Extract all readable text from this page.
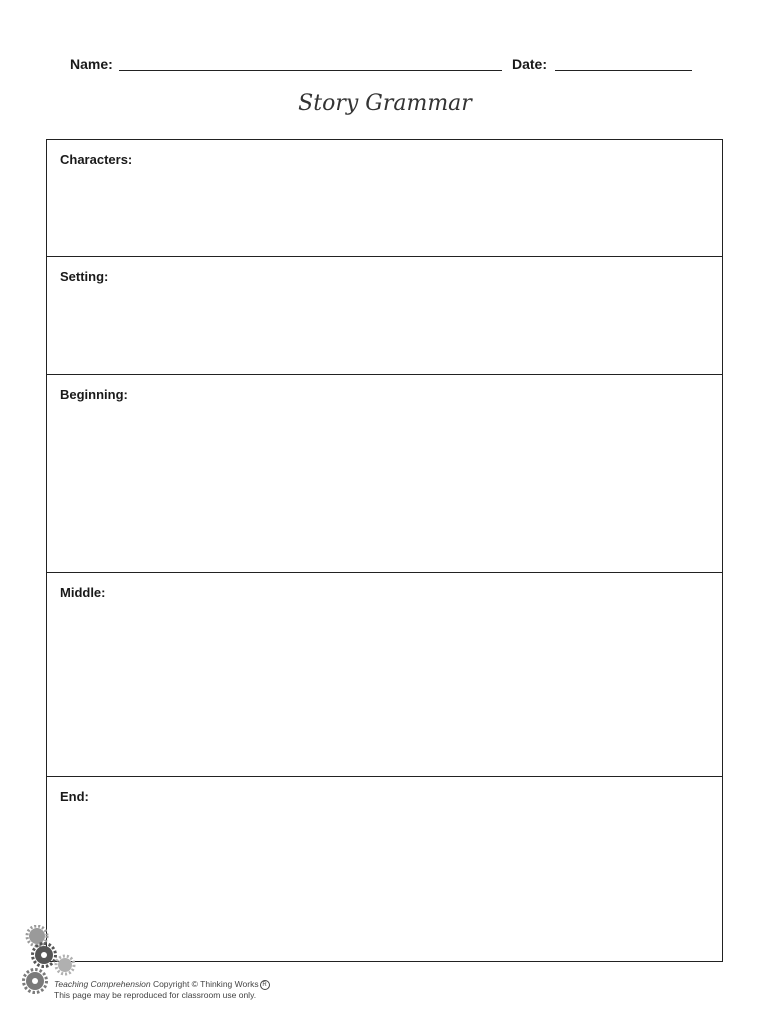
Name:	Date:
Story Grammar
Characters:
Setting:
Beginning:
Middle:
End:
Teaching Comprehension Copyright © Thinking Works R
This page may be reproduced for classroom use only.
